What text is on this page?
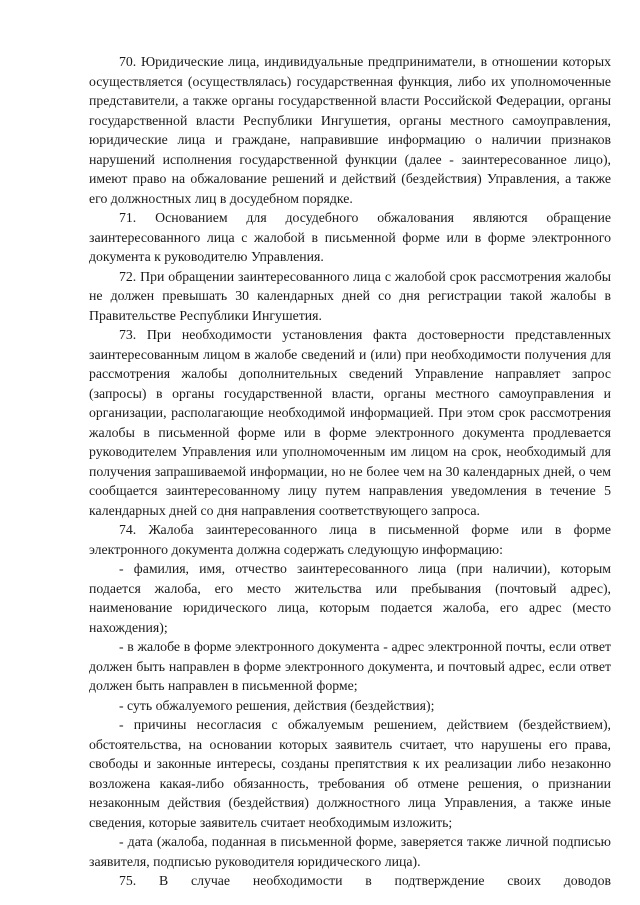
70. Юридические лица, индивидуальные предприниматели, в отношении которых осуществляется (осуществлялась) государственная функция, либо их уполномоченные представители, а также органы государственной власти Российской Федерации, органы государственной власти Республики Ингушетия, органы местного самоуправления, юридические лица и граждане, направившие информацию о наличии признаков нарушений исполнения государственной функции (далее - заинтересованное лицо), имеют право на обжалование решений и действий (бездействия) Управления, а также его должностных лиц в досудебном порядке.

71. Основанием для досудебного обжалования являются обращение заинтересованного лица с жалобой в письменной форме или в форме электронного документа к руководителю Управления.

72. При обращении заинтересованного лица с жалобой срок рассмотрения жалобы не должен превышать 30 календарных дней со дня регистрации такой жалобы в Правительстве Республики Ингушетия.

73. При необходимости установления факта достоверности представленных заинтересованным лицом в жалобе сведений и (или) при необходимости получения для рассмотрения жалобы дополнительных сведений Управление направляет запрос (запросы) в органы государственной власти, органы местного самоуправления и организации, располагающие необходимой информацией. При этом срок рассмотрения жалобы в письменной форме или в форме электронного документа продлевается руководителем Управления или уполномоченным им лицом на срок, необходимый для получения запрашиваемой информации, но не более чем на 30 календарных дней, о чем сообщается заинтересованному лицу путем направления уведомления в течение 5 календарных дней со дня направления соответствующего запроса.

74. Жалоба заинтересованного лица в письменной форме или в форме электронного документа должна содержать следующую информацию:

- фамилия, имя, отчество заинтересованного лица (при наличии), которым подается жалоба, его место жительства или пребывания (почтовый адрес), наименование юридического лица, которым подается жалоба, его адрес (место нахождения);

- в жалобе в форме электронного документа - адрес электронной почты, если ответ должен быть направлен в форме электронного документа, и почтовый адрес, если ответ должен быть направлен в письменной форме;

- суть обжалуемого решения, действия (бездействия);

- причины несогласия с обжалуемым решением, действием (бездействием), обстоятельства, на основании которых заявитель считает, что нарушены его права, свободы и законные интересы, созданы препятствия к их реализации либо незаконно возложена какая-либо обязанность, требования об отмене решения, о признании незаконным действия (бездействия) должностного лица Управления, а также иные сведения, которые заявитель считает необходимым изложить;

- дата (жалоба, поданная в письменной форме, заверяется также личной подписью заявителя, подписью руководителя юридического лица).

75. В случае необходимости в подтверждение своих доводов
